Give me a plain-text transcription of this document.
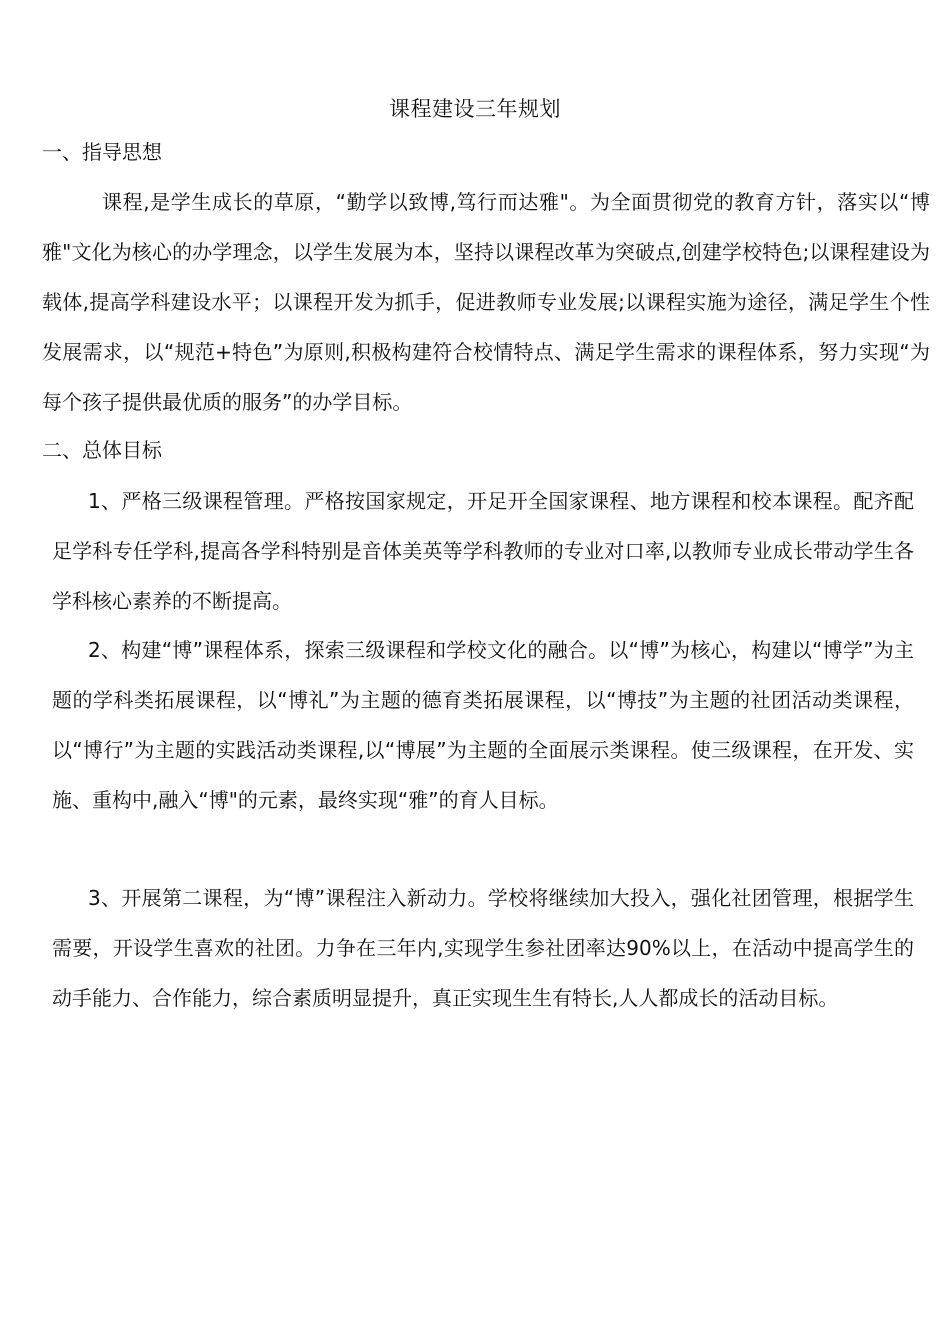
课程建设三年规划
一、指导思想
课程,是学生成长的草原，“勤学以致博,笃行而达雅"。为全面贯彻党的教育方针，落实以“博雅"文化为核心的办学理念，以学生发展为本，坚持以课程改革为突破点,创建学校特色;以课程建设为载体,提高学科建设水平；以课程开发为抓手，促进教师专业发展;以课程实施为途径，满足学生个性发展需求，以“规范+特色”为原则,积极构建符合校情特点、满足学生需求的课程体系，努力实现“为每个孩子提供最优质的服务”的办学目标。
二、总体目标
1、严格三级课程管理。严格按国家规定，开足开全国家课程、地方课程和校本课程。配齐配足学科专任学科,提高各学科特别是音体美英等学科教师的专业对口率,以教师专业成长带动学生各学科核心素养的不断提高。
2、构建“博”课程体系，探索三级课程和学校文化的融合。以“博”为核心，构建以“博学”为主题的学科类拓展课程，以“博礼”为主题的德育类拓展课程，以“博技”为主题的社团活动类课程，以“博行”为主题的实践活动类课程,以“博展”为主题的全面展示类课程。使三级课程，在开发、实施、重构中,融入“博"的元素，最终实现“雅”的育人目标。
3、开展第二课程，为“博”课程注入新动力。学校将继续加大投入，强化社团管理，根据学生需要，开设学生喜欢的社团。力争在三年内,实现学生参社团率达90%以上，在活动中提高学生的动手能力、合作能力，综合素质明显提升，真正实现生生有特长,人人都成长的活动目标。
